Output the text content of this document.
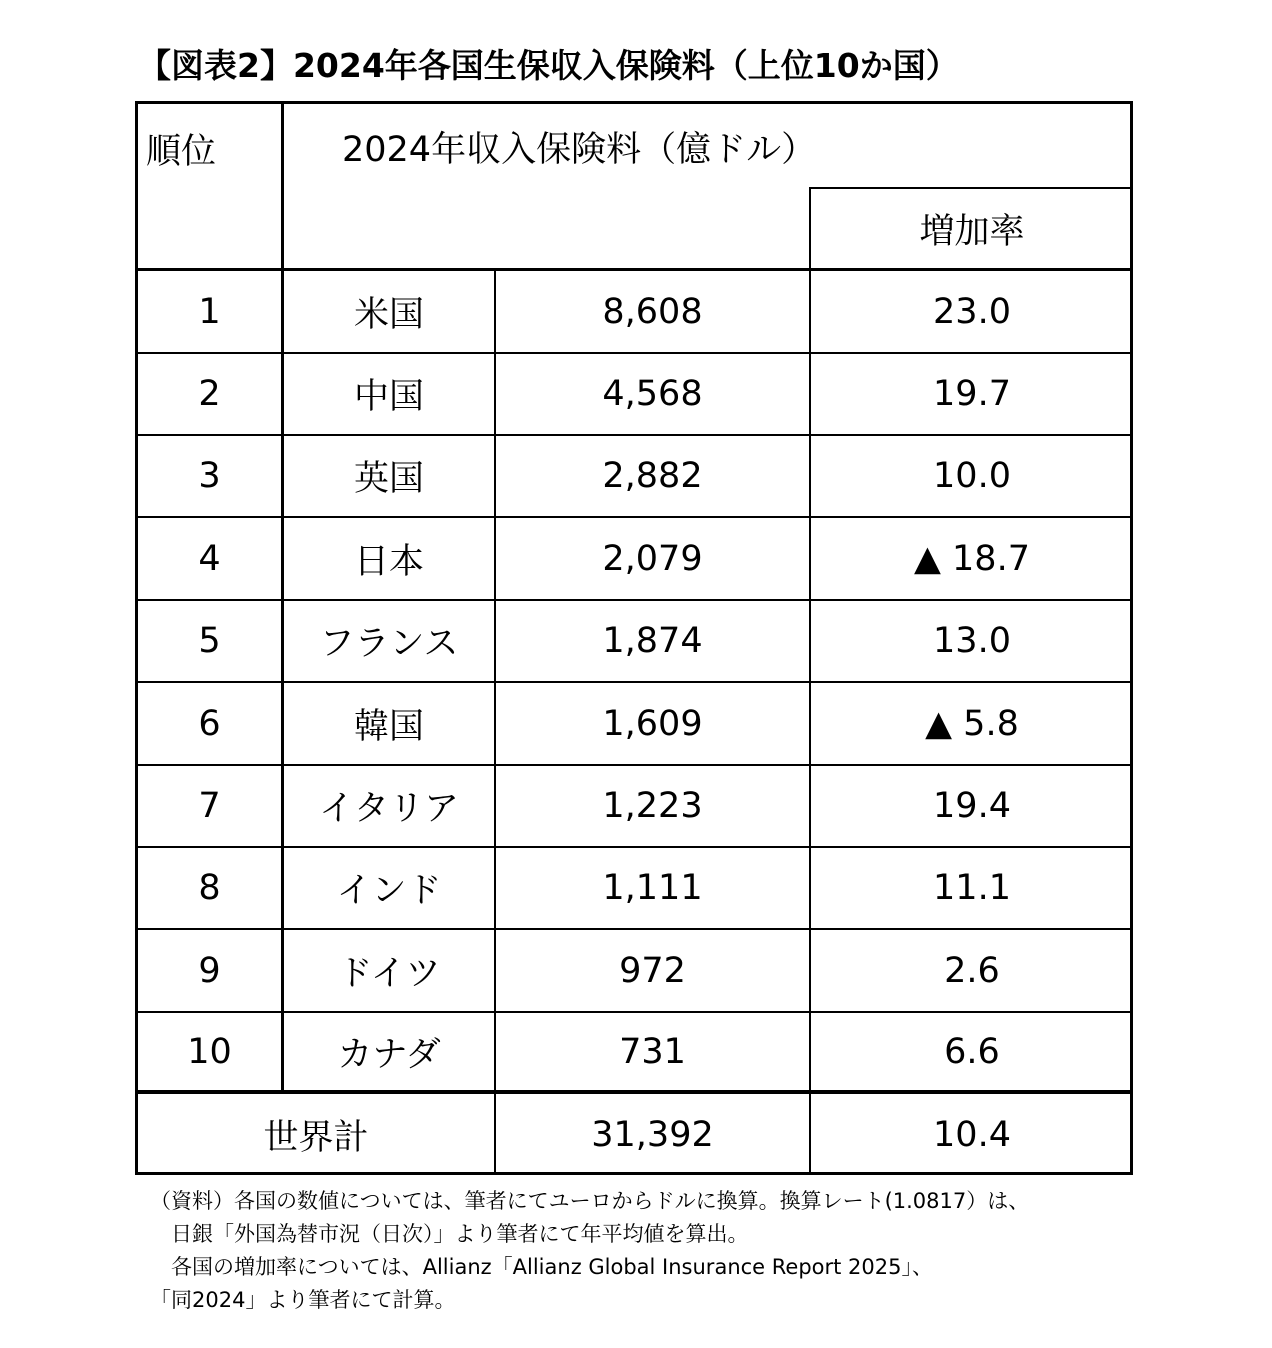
【図表2】2024年各国生保収入保険料（上位10か国）
順位	2024年収入保険料（億ドル）
増加率
1	米国	8,608	23.0
2	中国	4,568	19.7
3	英国	2,882	10.0
4	日本	2,079	▲ 18.7
5	フランス	1,874	13.0
6	韓国	1,609	▲ 5.8
7	イタリア	1,223	19.4
8	インド	1,111	11.1
9	ドイツ	972	2.6
10	カナダ	731	6.6
世界計	31,392	10.4
（資料）各国の数値については、筆者にてユーロからドルに換算。換算レート(1.0817）は、
　日銀「外国為替市況（日次）」より筆者にて年平均値を算出。
　各国の増加率については、Allianz「Allianz Global Insurance Report 2025」、
「同2024」より筆者にて計算。
